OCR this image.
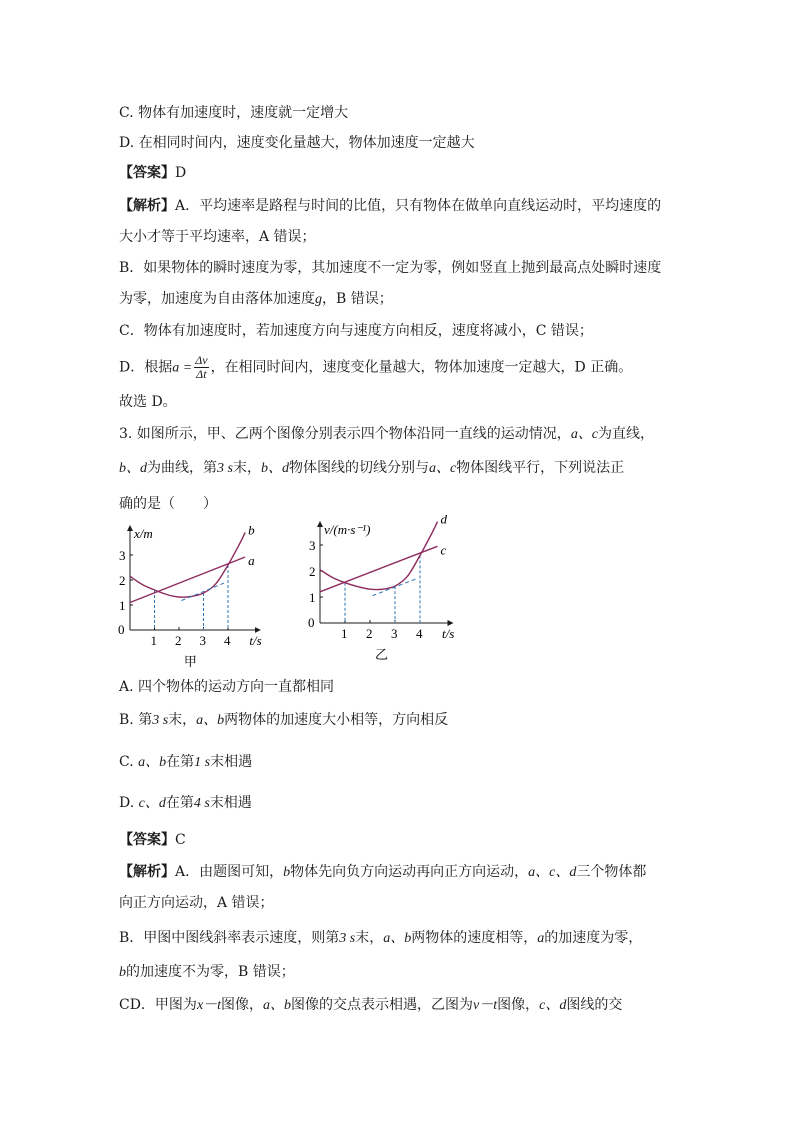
C. 物体有加速度时，速度就一定增大
D. 在相同时间内，速度变化量越大，物体加速度一定越大
【答案】D
【解析】A．平均速率是路程与时间的比值，只有物体在做单向直线运动时，平均速度的
大小才等于平均速率，A 错误；
B．如果物体的瞬时速度为零，其加速度不一定为零，例如竖直上抛到最高点处瞬时速度
为零，加速度为自由落体加速度g，B 错误；
C．物体有加速度时，若加速度方向与速度方向相反，速度将减小，C 错误；
D．根据$a = \frac{\Delta v}{\Delta t}$ ，在相同时间内，速度变化量越大，物体加速度一定越大，D 正确。
故选 D。
3. 如图所示，甲、乙两个图像分别表示四个物体沿同一直线的运动情况，a、c为直线，
b、d为曲线，第3 s末，b、d物体图线的切线分别与a、c物体图线平行，下列说法正
确的是（　　）
1
2
3
0
1 2 3 4
x/m
t/s
a
b
甲
1
2
3
0
1 2 3 4
v/(m·s⁻¹)
t/s
c
d
乙
A. 四个物体的运动方向一直都相同
B. 第3 s末，a、b两物体的加速度大小相等，方向相反
C. a、b在第1 s末相遇
D. c、d在第4 s末相遇
【答案】C
【解析】A．由题图可知，b物体先向负方向运动再向正方向运动，a、c、d三个物体都
向正方向运动，A 错误；
B．甲图中图线斜率表示速度，则第3 s末，a、b两物体的速度相等，a的加速度为零，
b的加速度不为零，B 错误；
CD．甲图为x－t图像，a、b图像的交点表示相遇，乙图为v－t图像，c、d图线的交
